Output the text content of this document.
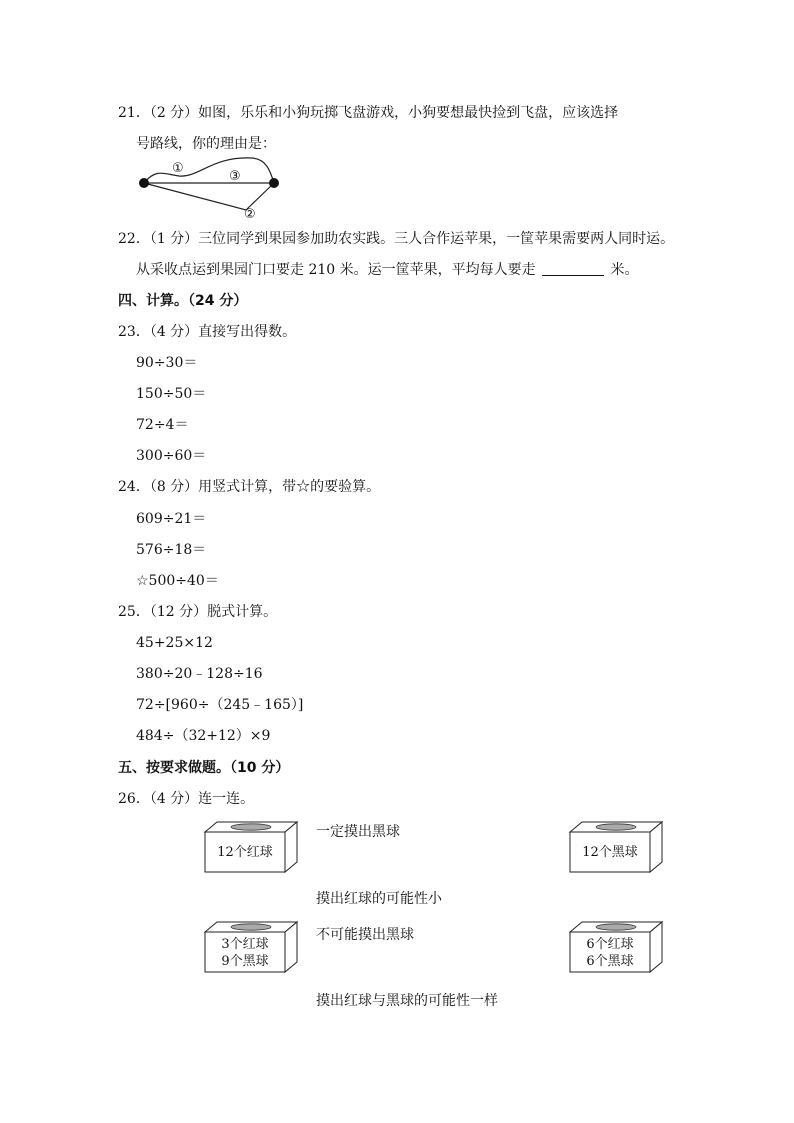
21．（2 分）如图，乐乐和小狗玩掷飞盘游戏，小狗要想最快捡到飞盘，应该选择
号路线，你的理由是：
①
③
②
22．（1 分）三位同学到果园参加助农实践。三人合作运苹果，一筐苹果需要两人同时运。
从采收点运到果园门口要走 210 米。运一筐苹果，平均每人要走	米。
四、计算。（24 分）
23．（4 分）直接写出得数。
90÷30＝
150÷50＝
72÷4＝
300÷60＝
24．（8 分）用竖式计算，带☆的要验算。
609÷21＝
576÷18＝
☆500÷40＝
25．（12 分）脱式计算。
45+25×12
380÷20﹣128÷16
72÷[960÷（245﹣165）]
484÷（32+12）×9
五、按要求做题。（10 分）
26．（4 分）连一连。
12个红球	12个黑球
3个红球
9个黑球
6个红球
6个黑球
一定摸出黑球
摸出红球的可能性小
不可能摸出黑球
摸出红球与黑球的可能性一样
